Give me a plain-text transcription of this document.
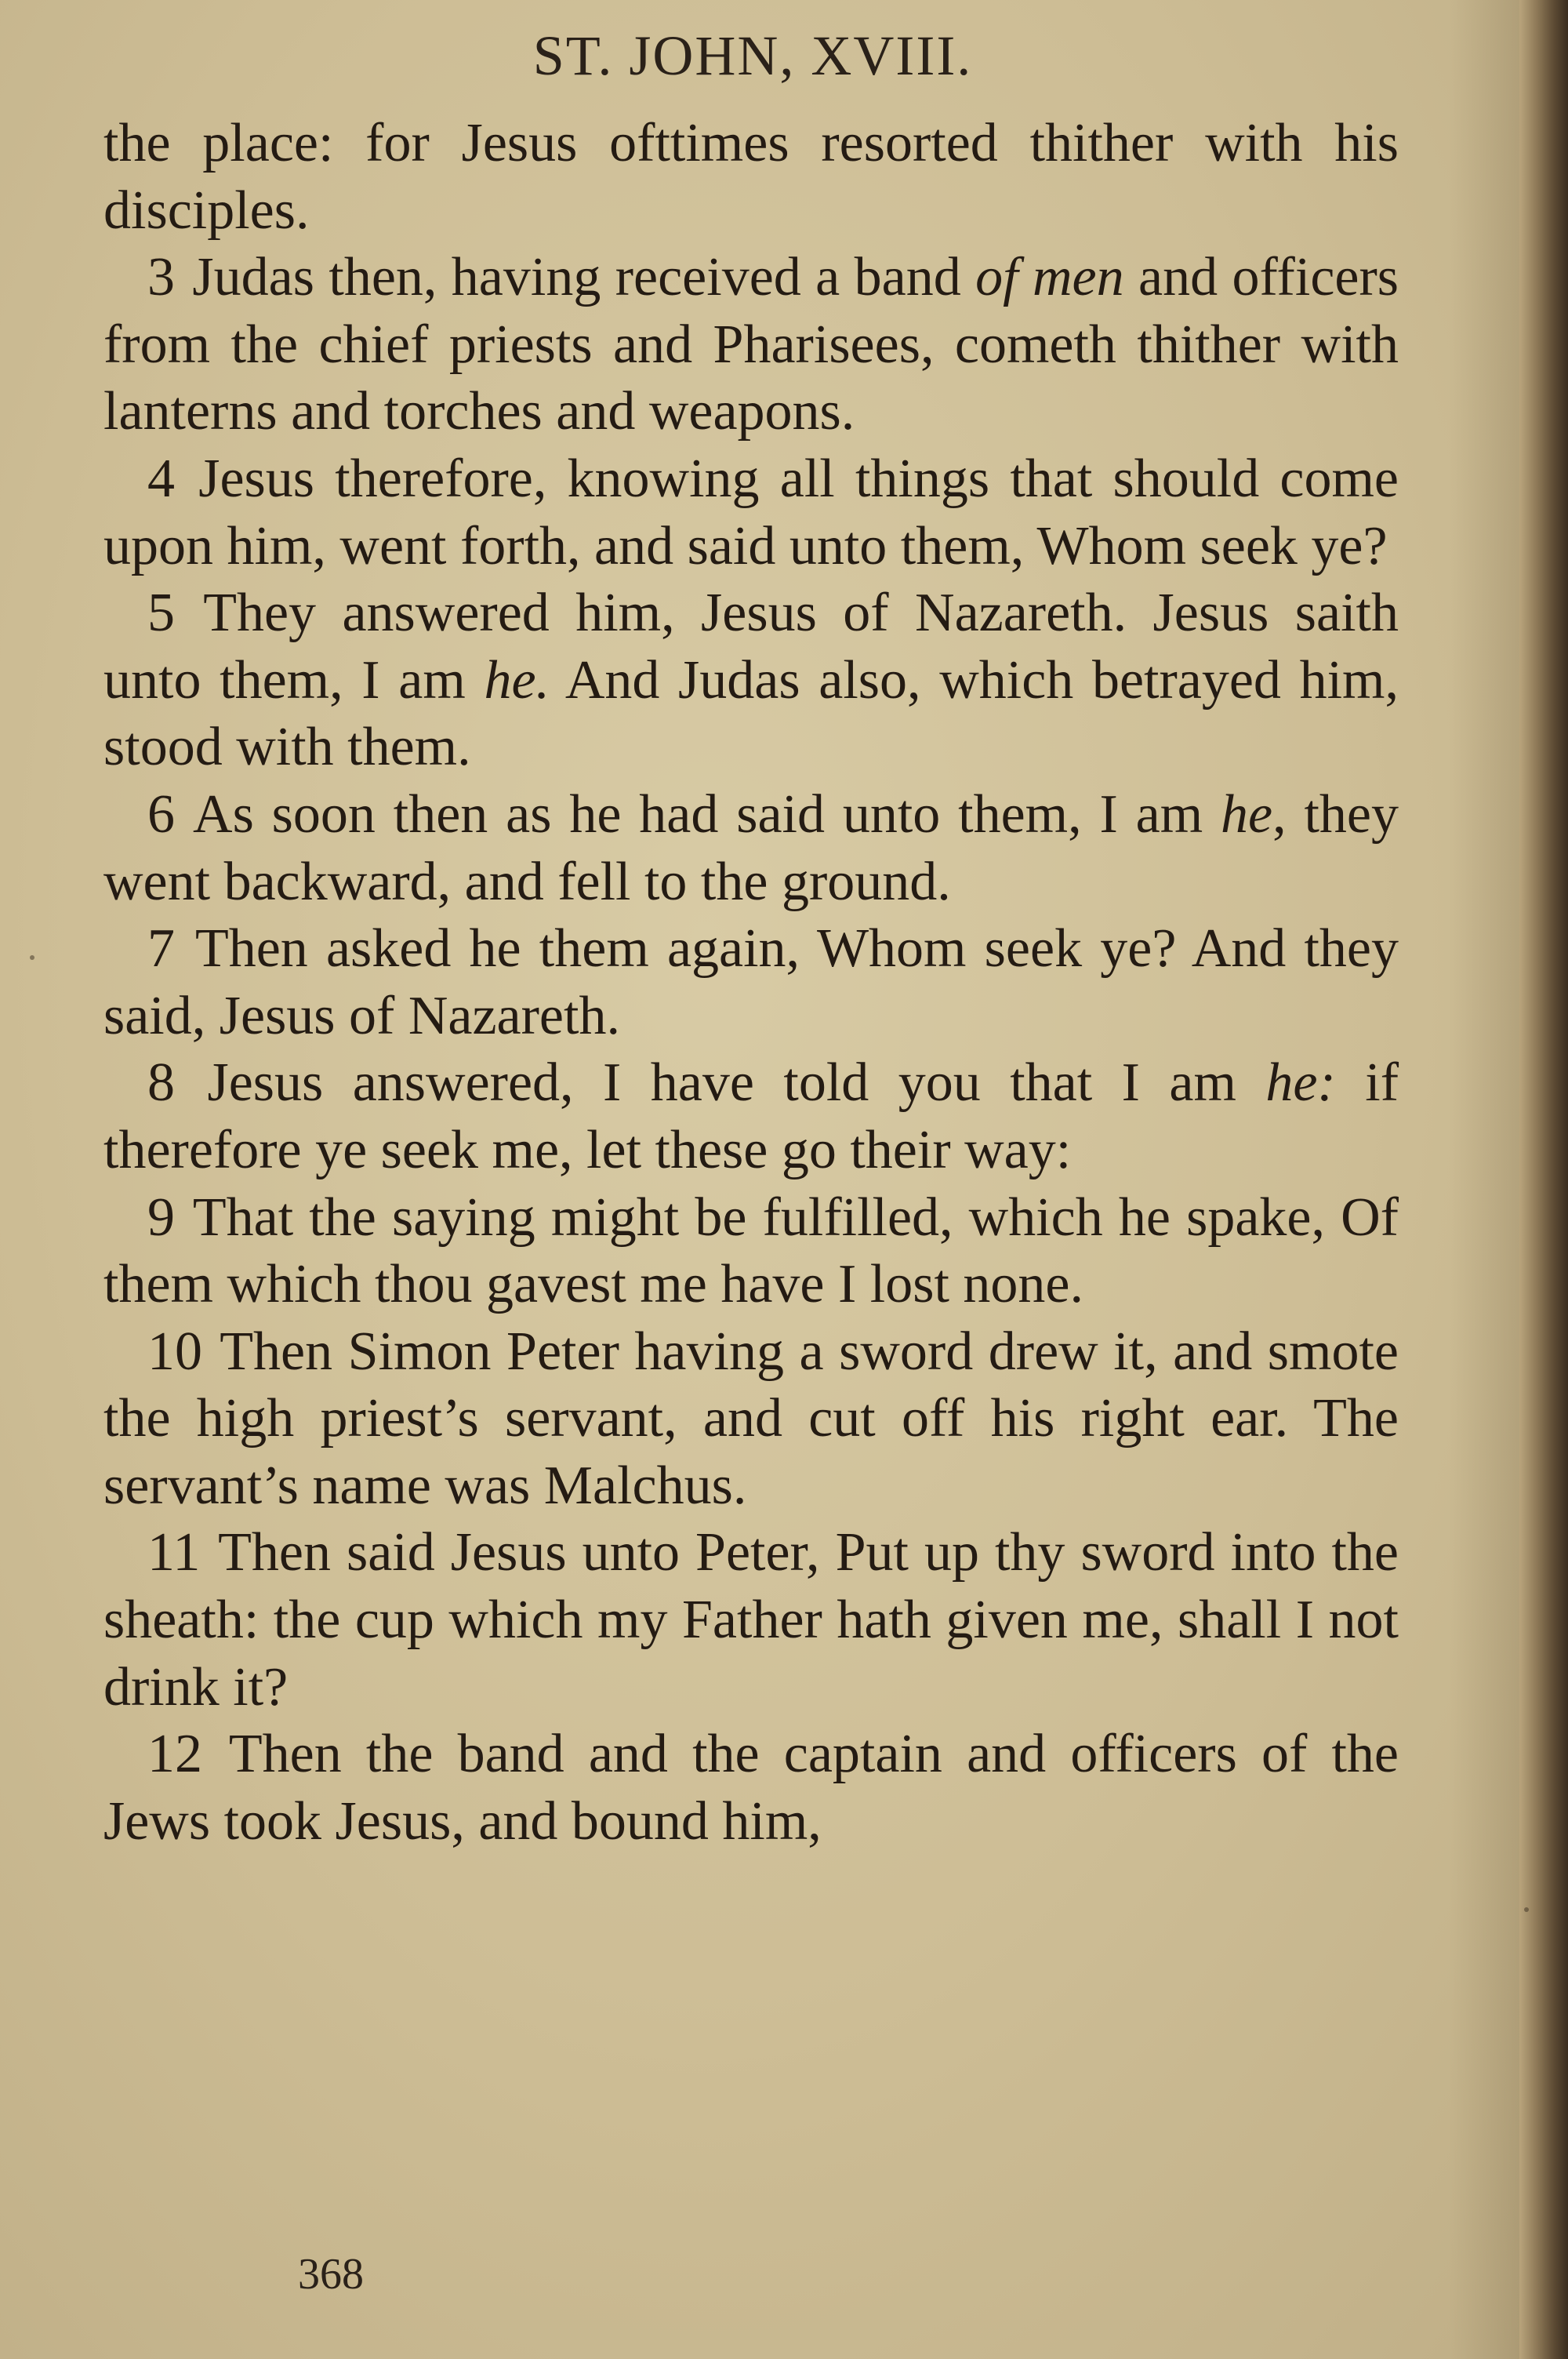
ST. JOHN, XVIII.

the place: for Jesus ofttimes resorted thither with his disciples.

3 Judas then, having received a band of men and officers from the chief priests and Pharisees, cometh thither with lanterns and torches and weapons.

4 Jesus therefore, knowing all things that should come upon him, went forth, and said unto them, Whom seek ye?

5 They answered him, Jesus of Nazareth. Jesus saith unto them, I am he. And Judas also, which betrayed him, stood with them.

6 As soon then as he had said unto them, I am he, they went backward, and fell to the ground.

7 Then asked he them again, Whom seek ye? And they said, Jesus of Nazareth.

8 Jesus answered, I have told you that I am he: if therefore ye seek me, let these go their way:

9 That the saying might be fulfilled, which he spake, Of them which thou gavest me have I lost none.

10 Then Simon Peter having a sword drew it, and smote the high priest’s servant, and cut off his right ear. The servant’s name was Malchus.

11 Then said Jesus unto Peter, Put up thy sword into the sheath: the cup which my Father hath given me, shall I not drink it?

12 Then the band and the captain and officers of the Jews took Jesus, and bound him,

368
